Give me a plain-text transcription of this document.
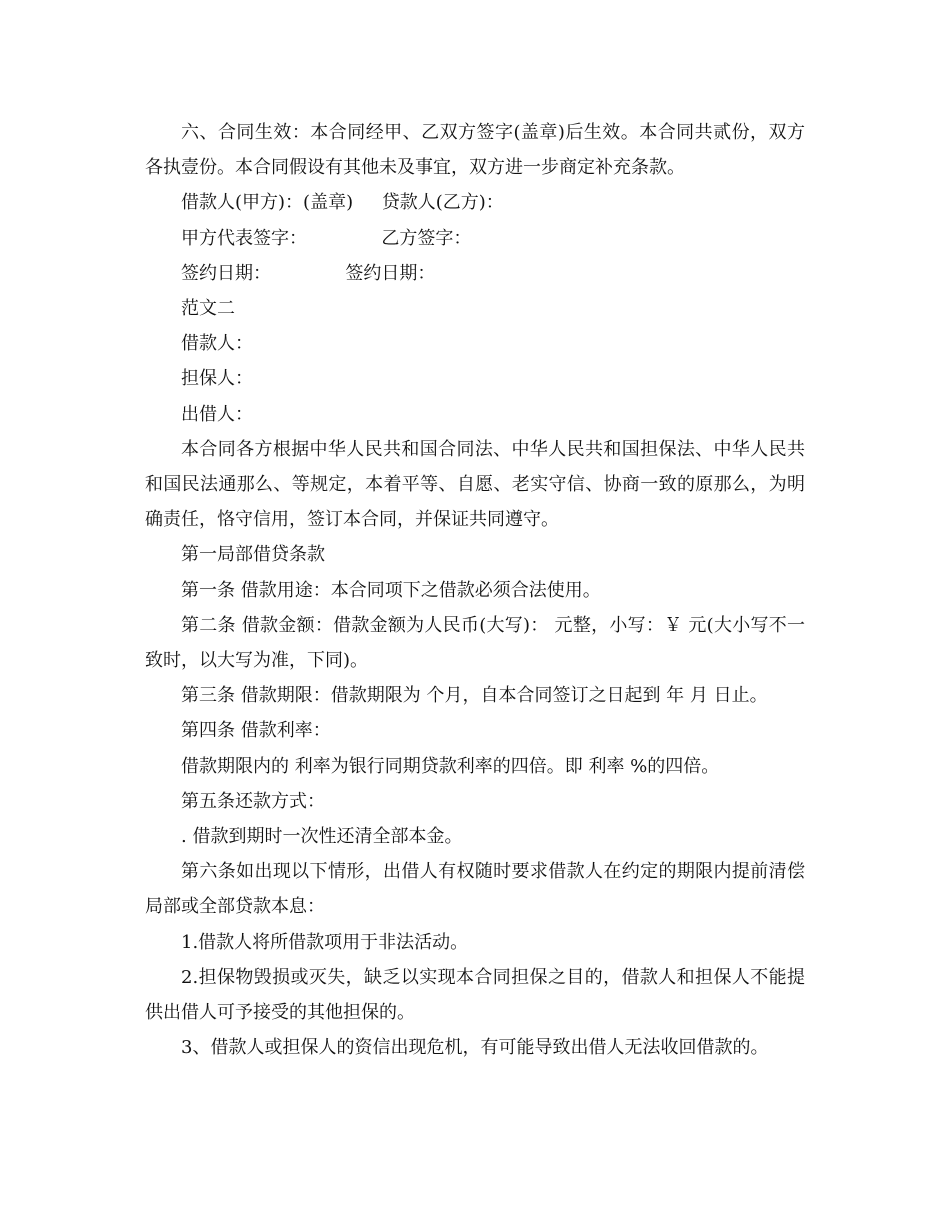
六、合同生效：本合同经甲、乙双方签字(盖章)后生效。本合同共贰份，双方各执壹份。本合同假设有其他未及事宜，双方进一步商定补充条款。

借款人(甲方)：(盖章)     贷款人(乙方)：

甲方代表签字：             乙方签字：

签约日期：             签约日期：

范文二

借款人：

担保人：

出借人：

本合同各方根据中华人民共和国合同法、中华人民共和国担保法、中华人民共和国民法通那么、等规定，本着平等、自愿、老实守信、协商一致的原那么，为明确责任，恪守信用，签订本合同，并保证共同遵守。

第一局部借贷条款

第一条 借款用途：本合同项下之借款必须合法使用。

第二条 借款金额：借款金额为人民币(大写)： 元整，小写：￥ 元(大小写不一致时，以大写为准，下同)。

第三条 借款期限：借款期限为 个月，自本合同签订之日起到 年 月 日止。

第四条 借款利率：

借款期限内的 利率为银行同期贷款利率的四倍。即 利率 %的四倍。

第五条还款方式：

. 借款到期时一次性还清全部本金。

第六条如出现以下情形，出借人有权随时要求借款人在约定的期限内提前清偿局部或全部贷款本息：

1.借款人将所借款项用于非法活动。

2.担保物毁损或灭失，缺乏以实现本合同担保之目的，借款人和担保人不能提供出借人可予接受的其他担保的。

3、借款人或担保人的资信出现危机，有可能导致出借人无法收回借款的。
